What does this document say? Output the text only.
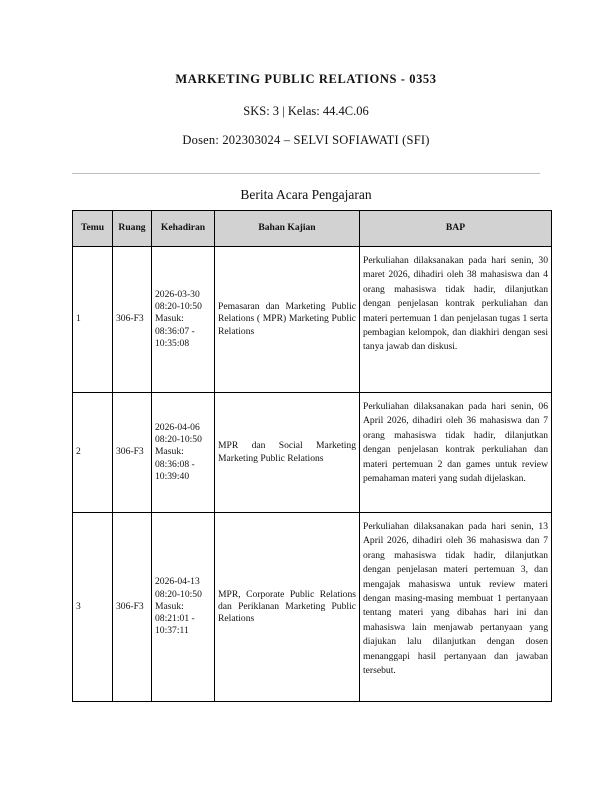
MARKETING PUBLIC RELATIONS - 0353
SKS: 3 | Kelas: 44.4C.06
Dosen: 202303024 – SELVI SOFIAWATI (SFI)
Berita Acara Pengajaran
Temu	Ruang	Kehadiran	Bahan Kajian	BAP
1	306-F3	2026-03-30 08:20-10:50 Masuk: 08:36:07 - 10:35:08	Pemasaran dan Marketing Public Relations ( MPR) Marketing Public Relations	Perkuliahan dilaksanakan pada hari senin, 30 maret 2026, dihadiri oleh 38 mahasiswa dan 4 orang mahasiswa tidak hadir, dilanjutkan dengan penjelasan kontrak perkuliahan dan materi pertemuan 1 dan penjelasan tugas 1 serta pembagian kelompok, dan diakhiri dengan sesi tanya jawab dan diskusi.
2	306-F3	2026-04-06 08:20-10:50 Masuk: 08:36:08 - 10:39:40	MPR dan Social Marketing Marketing Public Relations	Perkuliahan dilaksanakan pada hari senin, 06 April 2026, dihadiri oleh 36 mahasiswa dan 7 orang mahasiswa tidak hadir, dilanjutkan dengan penjelasan kontrak perkuliahan dan materi pertemuan 2 dan games untuk review pemahaman materi yang sudah dijelaskan.
3	306-F3	2026-04-13 08:20-10:50 Masuk: 08:21:01 - 10:37:11	MPR, Corporate Public Relations dan Periklanan Marketing Public Relations	Perkuliahan dilaksanakan pada hari senin, 13 April 2026, dihadiri oleh 36 mahasiswa dan 7 orang mahasiswa tidak hadir, dilanjutkan dengan penjelasan materi pertemuan 3, dan mengajak mahasiswa untuk review materi dengan masing-masing membuat 1 pertanyaan tentang materi yang dibahas hari ini dan mahasiswa lain menjawab pertanyaan yang diajukan lalu dilanjutkan dengan dosen menanggapi hasil pertanyaan dan jawaban tersebut.
